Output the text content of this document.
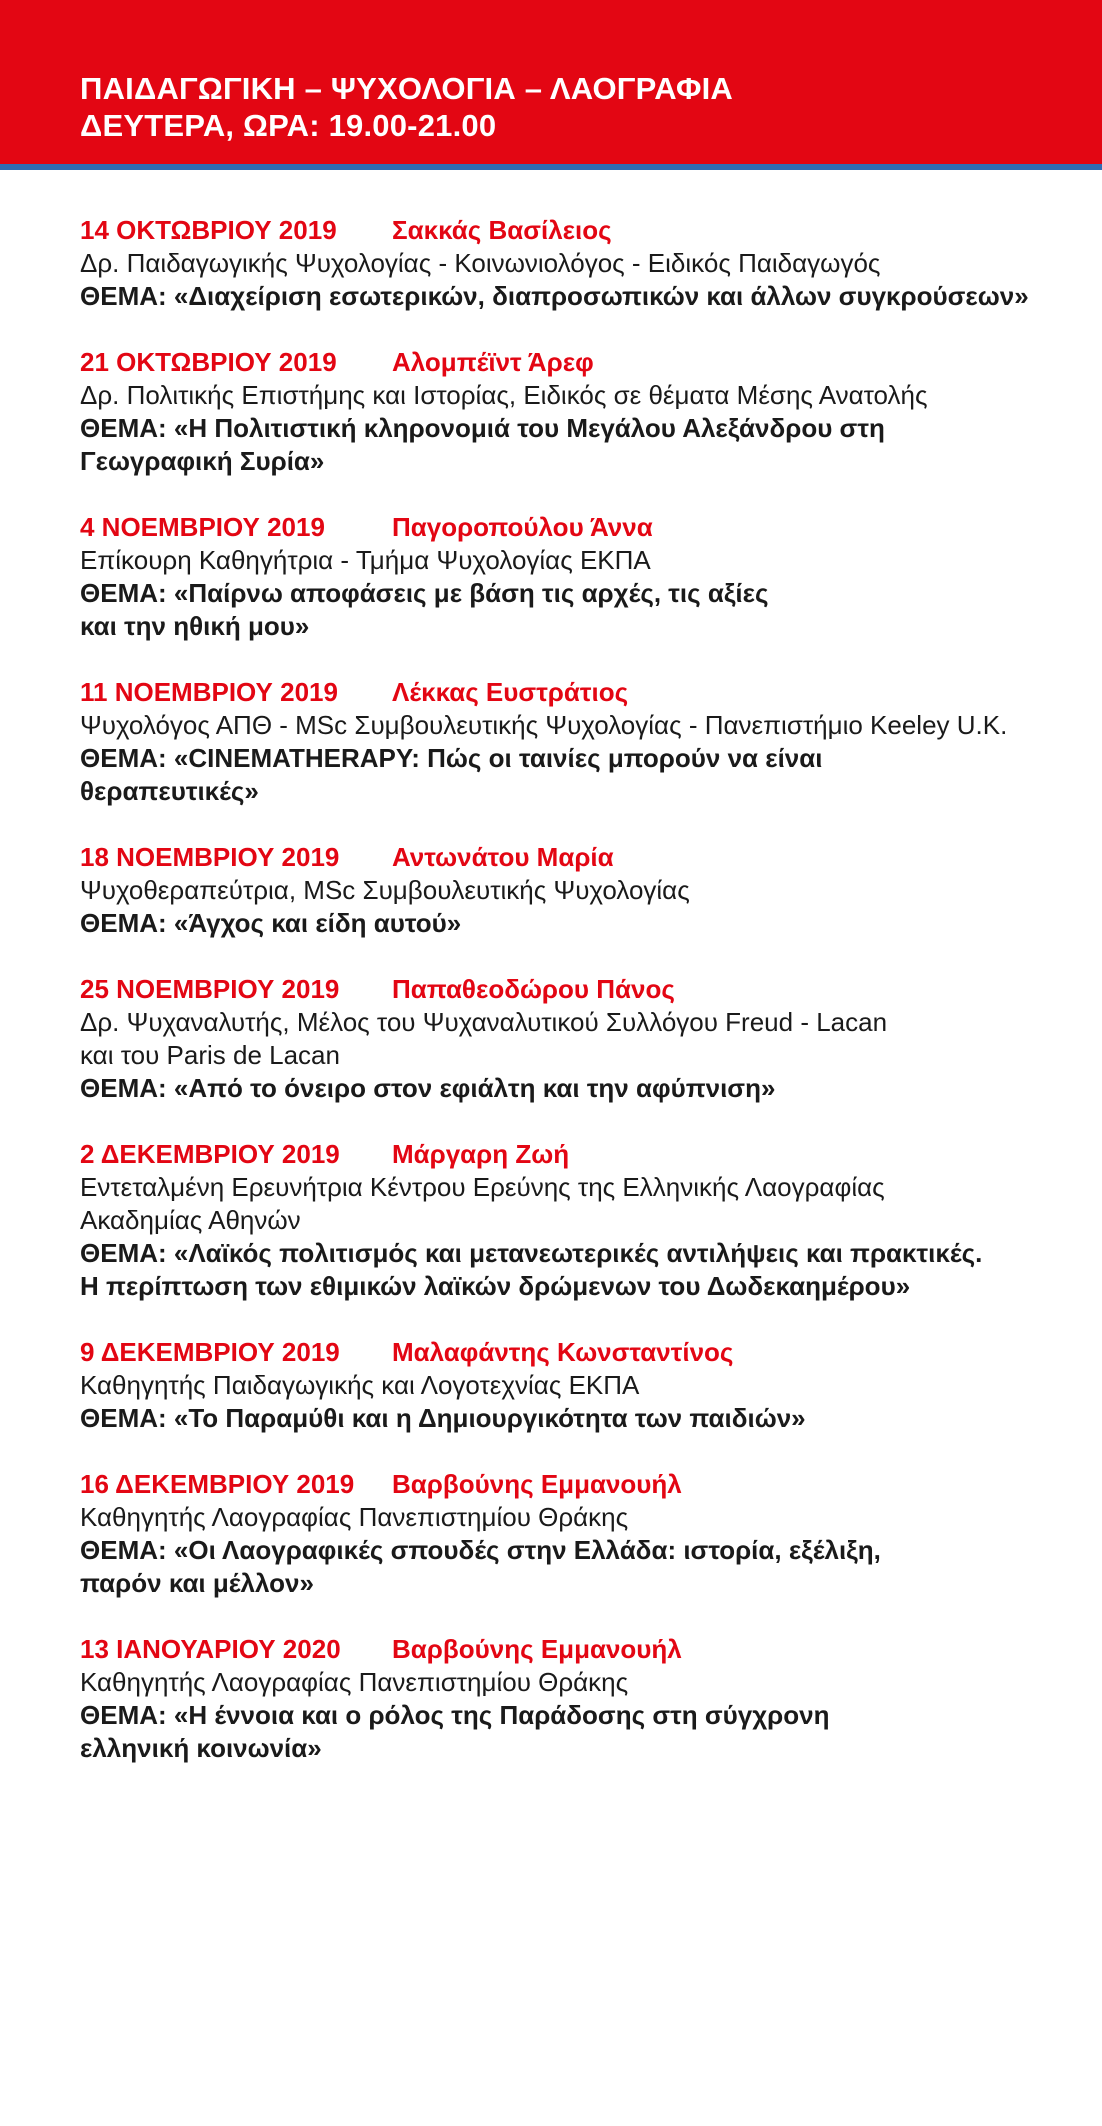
ΠΑΙΔΑΓΩΓΙΚΗ – ΨΥΧΟΛΟΓΙΑ – ΛΑΟΓΡΑΦΙΑ
ΔΕΥΤΕΡΑ, ΩΡΑ: 19.00-21.00
14 ΟΚΤΩΒΡΙΟΥ 2019	Σακκάς Βασίλειος
Δρ. Παιδαγωγικής Ψυχολογίας - Κοινωνιολόγος - Ειδικός Παιδαγωγός
ΘΕΜΑ: «Διαχείριση εσωτερικών, διαπροσωπικών και άλλων συγκρούσεων»
21 ΟΚΤΩΒΡΙΟΥ 2019	Αλομπέϊντ Άρεφ
Δρ. Πολιτικής Επιστήμης και Ιστορίας, Ειδικός σε θέματα Μέσης Ανατολής
ΘΕΜΑ: «Η Πολιτιστική κληρονομιά του Μεγάλου Αλεξάνδρου στη
Γεωγραφική Συρία»
4 ΝΟΕΜΒΡΙΟΥ 2019	Παγοροπούλου Άννα
Επίκουρη Καθηγήτρια - Τμήμα Ψυχολογίας ΕΚΠΑ
ΘΕΜΑ: «Παίρνω αποφάσεις με βάση τις αρχές, τις αξίες
και την ηθική μου»
11 ΝΟΕΜΒΡΙΟΥ 2019	Λέκκας Ευστράτιος
Ψυχολόγος ΑΠΘ - MSc Συμβουλευτικής Ψυχολογίας - Πανεπιστήμιο Keeley U.K.
ΘΕΜΑ: «CINEMATHERAPY: Πώς οι ταινίες μπορούν να είναι
θεραπευτικές»
18 ΝΟΕΜΒΡΙΟΥ 2019	Αντωνάτου Μαρία
Ψυχοθεραπεύτρια, MSc Συμβουλευτικής Ψυχολογίας
ΘΕΜΑ: «Άγχος και είδη αυτού»
25 ΝΟΕΜΒΡΙΟΥ 2019	Παπαθεοδώρου Πάνος
Δρ. Ψυχαναλυτής, Μέλος του Ψυχαναλυτικού Συλλόγου Freud - Lacan
και του Paris de Lacan
ΘΕΜΑ: «Από το όνειρο στον εφιάλτη και την αφύπνιση»
2 ΔΕΚΕΜΒΡΙΟΥ 2019	Μάργαρη Ζωή
Εντεταλμένη Ερευνήτρια Κέντρου Ερεύνης της Ελληνικής Λαογραφίας
Ακαδημίας Αθηνών
ΘΕΜΑ: «Λαϊκός πολιτισμός και μετανεωτερικές αντιλήψεις και πρακτικές.
Η περίπτωση των εθιμικών λαϊκών δρώμενων του Δωδεκαημέρου»
9 ΔΕΚΕΜΒΡΙΟΥ 2019	Μαλαφάντης Κωνσταντίνος
Καθηγητής Παιδαγωγικής και Λογοτεχνίας ΕΚΠΑ
ΘΕΜΑ: «Το Παραμύθι και η Δημιουργικότητα των παιδιών»
16 ΔΕΚΕΜΒΡΙΟΥ 2019	Βαρβούνης Εμμανουήλ
Καθηγητής Λαογραφίας Πανεπιστημίου Θράκης
ΘΕΜΑ: «Οι Λαογραφικές σπουδές στην Ελλάδα: ιστορία, εξέλιξη,
παρόν και μέλλον»
13 ΙΑΝΟΥΑΡΙΟΥ 2020	Βαρβούνης Εμμανουήλ
Καθηγητής Λαογραφίας Πανεπιστημίου Θράκης
ΘΕΜΑ: «Η έννοια και ο ρόλος της Παράδοσης στη σύγχρονη
ελληνική κοινωνία»
